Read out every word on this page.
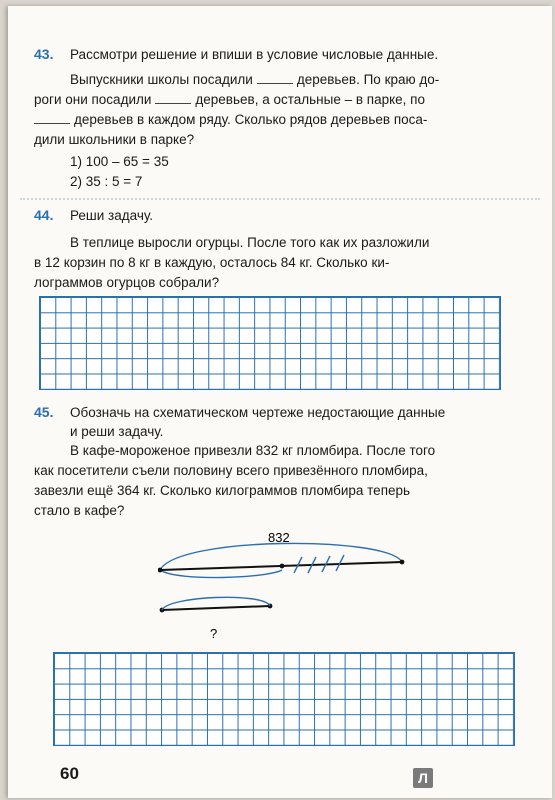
43. Рассмотри решение и впиши в условие числовые данные.
Выпускники школы посадили	деревьев. По краю до-
роги они посадили	деревьев, а остальные – в парке, по
деревьев в каждом ряду. Сколько рядов деревьев поса-
дили школьники в парке?
1) 100 – 65 = 35
2) 35 : 5 = 7
44. Реши задачу.
В теплице выросли огурцы. После того как их разложили
в 12 корзин по 8 кг в каждую, осталось 84 кг. Сколько ки-
лограммов огурцов собрали?
45. Обозначь на схематическом чертеже недостающие данные
и реши задачу.
В кафе-мороженое привезли 832 кг пломбира. После того
как посетители съели половину всего привезённого пломбира,
завезли ещё 364 кг. Сколько килограммов пломбира теперь
стало в кафе?
832
?
60	Л
